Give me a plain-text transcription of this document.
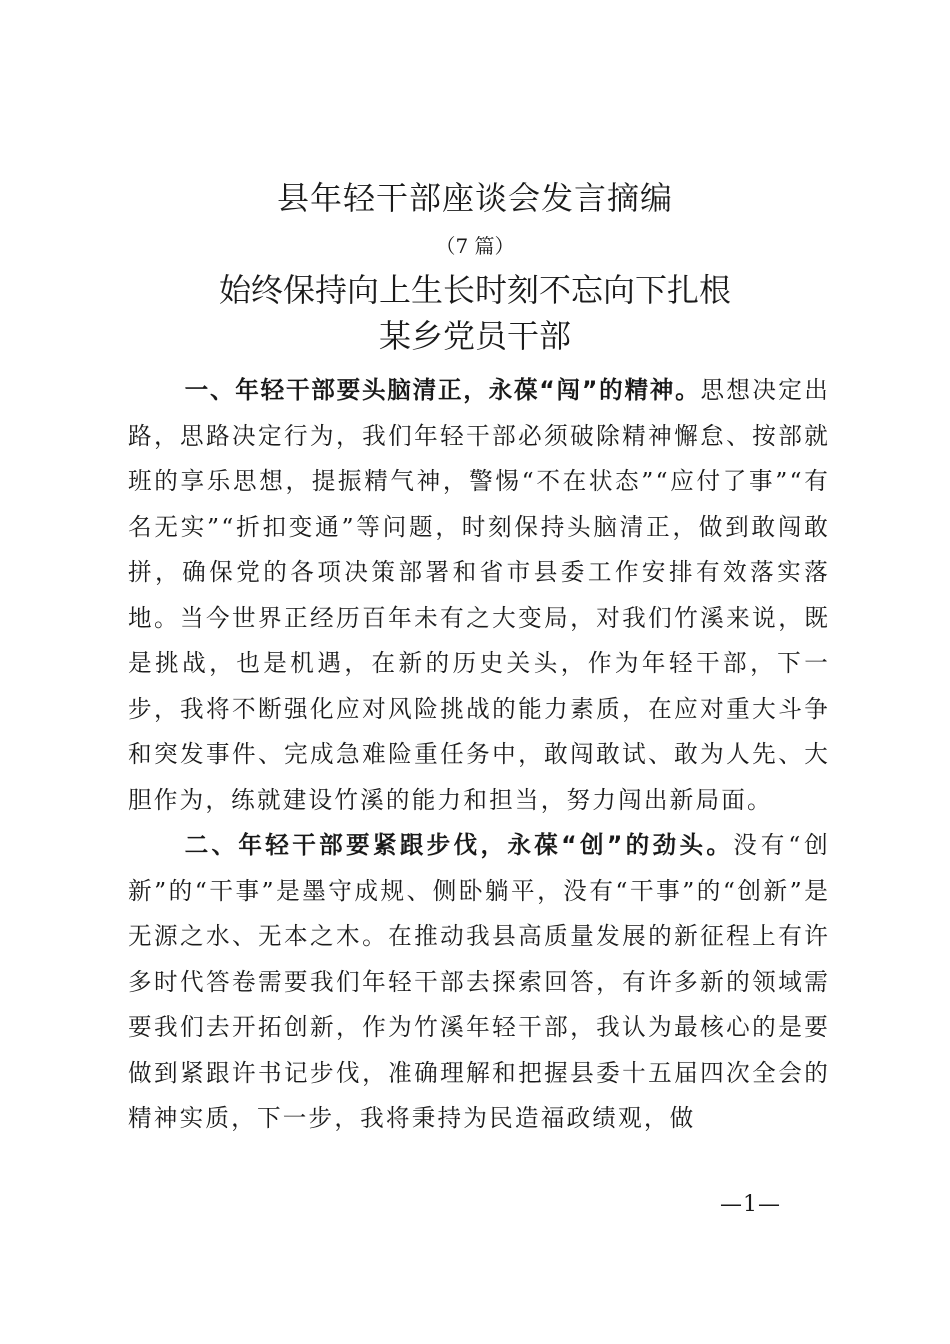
县年轻干部座谈会发言摘编
（7 篇）
始终保持向上生长时刻不忘向下扎根
某乡党员干部

一、年轻干部要头脑清正，永葆“闯”的精神。思想决定出路，思路决定行为，我们年轻干部必须破除精神懈怠、按部就班的享乐思想，提振精气神，警惕“不在状态”“应付了事”“有名无实”“折扣变通”等问题，时刻保持头脑清正，做到敢闯敢拼，确保党的各项决策部署和省市县委工作安排有效落实落地。当今世界正经历百年未有之大变局，对我们竹溪来说，既是挑战，也是机遇，在新的历史关头，作为年轻干部，下一步，我将不断强化应对风险挑战的能力素质，在应对重大斗争和突发事件、完成急难险重任务中，敢闯敢试、敢为人先、大胆作为，练就建设竹溪的能力和担当，努力闯出新局面。

二、年轻干部要紧跟步伐，永葆“创”的劲头。没有“创新”的“干事”是墨守成规、侧卧躺平，没有“干事”的“创新”是无源之水、无本之木。在推动我县高质量发展的新征程上有许多时代答卷需要我们年轻干部去探索回答，有许多新的领域需要我们去开拓创新，作为竹溪年轻干部，我认为最核心的是要做到紧跟许书记步伐，准确理解和把握县委十五届四次全会的精神实质，下一步，我将秉持为民造福政绩观，做

—1—
